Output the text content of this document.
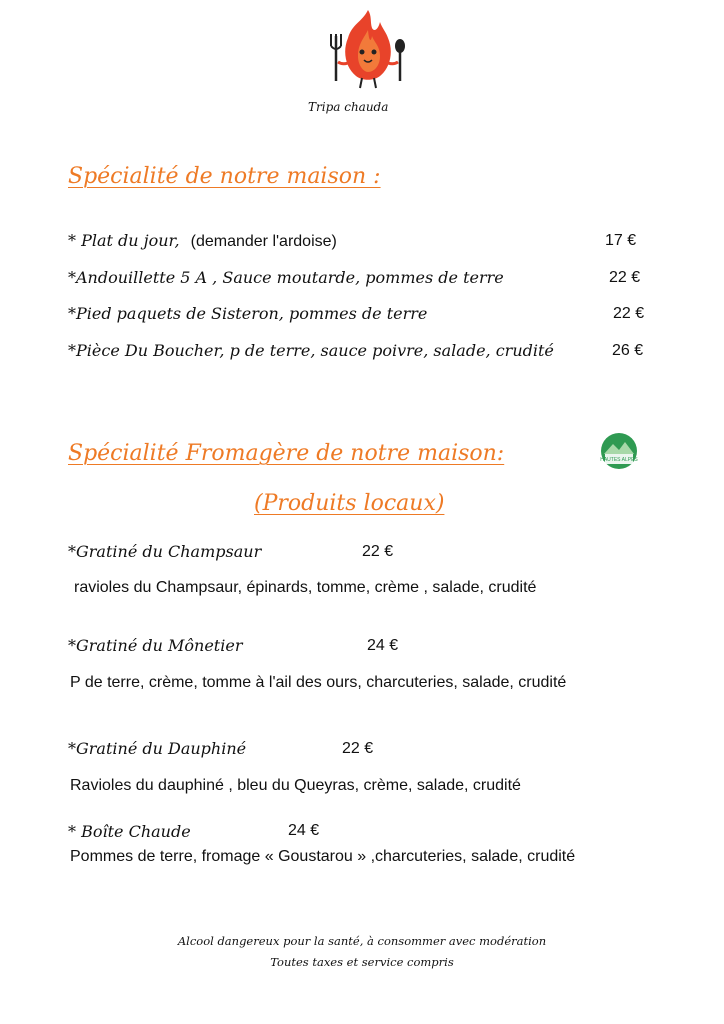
Tripa chauda
Spécialité de notre maison :
* Plat du jour, (demander l'ardoise)	17 €
*Andouillette 5 A , Sauce moutarde, pommes de terre	22 €
*Pied paquets de Sisteron, pommes de terre	22 €
*Pièce Du Boucher, p de terre, sauce poivre, salade, crudité	26 €
Spécialité Fromagère de notre maison:	HAUTES ALPES
(Produits locaux)
*Gratiné du Champsaur	22 €
ravioles du Champsaur, épinards, tomme, crème , salade, crudité
*Gratiné du Mônetier	24 €
P de terre, crème, tomme à l'ail des ours, charcuteries, salade, crudité
*Gratiné du Dauphiné	22 €
Ravioles du dauphiné , bleu du Queyras, crème, salade, crudité
* Boîte Chaude	24 €
Pommes de terre, fromage « Goustarou » ,charcuteries, salade, crudité
Alcool dangereux pour la santé, à consommer avec modération
Toutes taxes et service compris
